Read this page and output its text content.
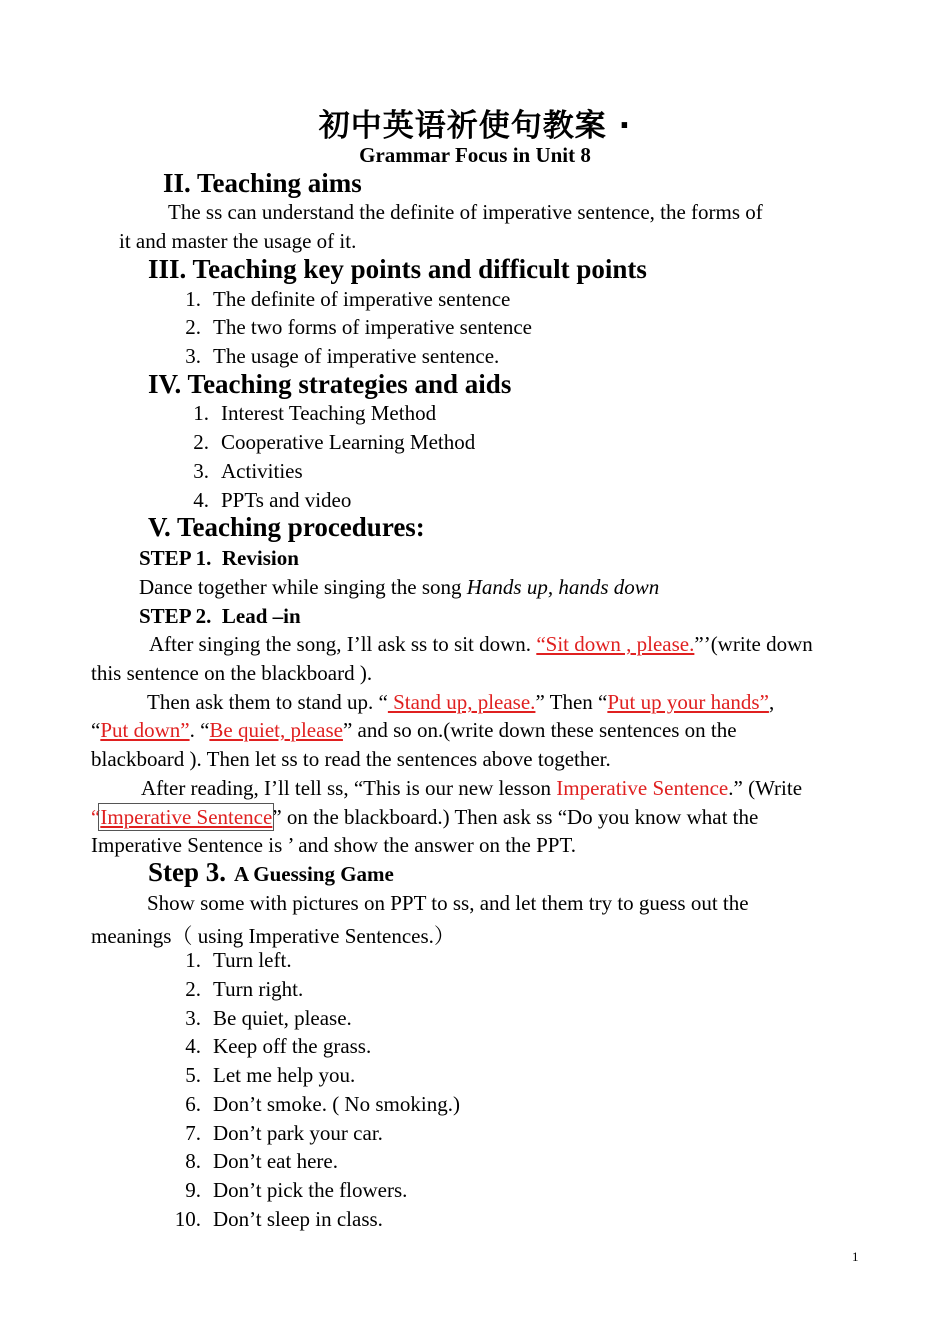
初中英语祈使句教案 ·
Grammar Focus in Unit 8
II. Teaching aims
The ss can understand the definite of imperative sentence, the forms of
it and master the usage of it.
III. Teaching key points and difficult points
1. The definite of imperative sentence
2. The two forms of imperative sentence
3. The usage of imperative sentence.
IV. Teaching strategies and aids
1. Interest Teaching Method
2. Cooperative Learning Method
3. Activities
4. PPTs and video
V. Teaching procedures:
STEP 1. Revision
Dance together while singing the song Hands up, hands down
STEP 2. Lead –in
After singing the song, I’ll ask ss to sit down. “Sit down , please.”’(write down
this sentence on the blackboard ).
Then ask them to stand up. “ Stand up, please.” Then “Put up your hands”,
“Put down”. “Be quiet, please” and so on.(write down these sentences on the
blackboard ). Then let ss to read the sentences above together.
After reading, I’ll tell ss, “This is our new lesson Imperative Sentence.” (Write
“Imperative Sentence” on the blackboard.) Then ask ss “Do you know what the
Imperative Sentence is ’ and show the answer on the PPT.
Step 3. A Guessing Game
Show some with pictures on PPT to ss, and let them try to guess out the
meanings（ using Imperative Sentences.）
1. Turn left.
2. Turn right.
3. Be quiet, please.
4. Keep off the grass.
5. Let me help you.
6. Don’t smoke. ( No smoking.)
7. Don’t park your car.
8. Don’t eat here.
9. Don’t pick the flowers.
10. Don’t sleep in class.
1
